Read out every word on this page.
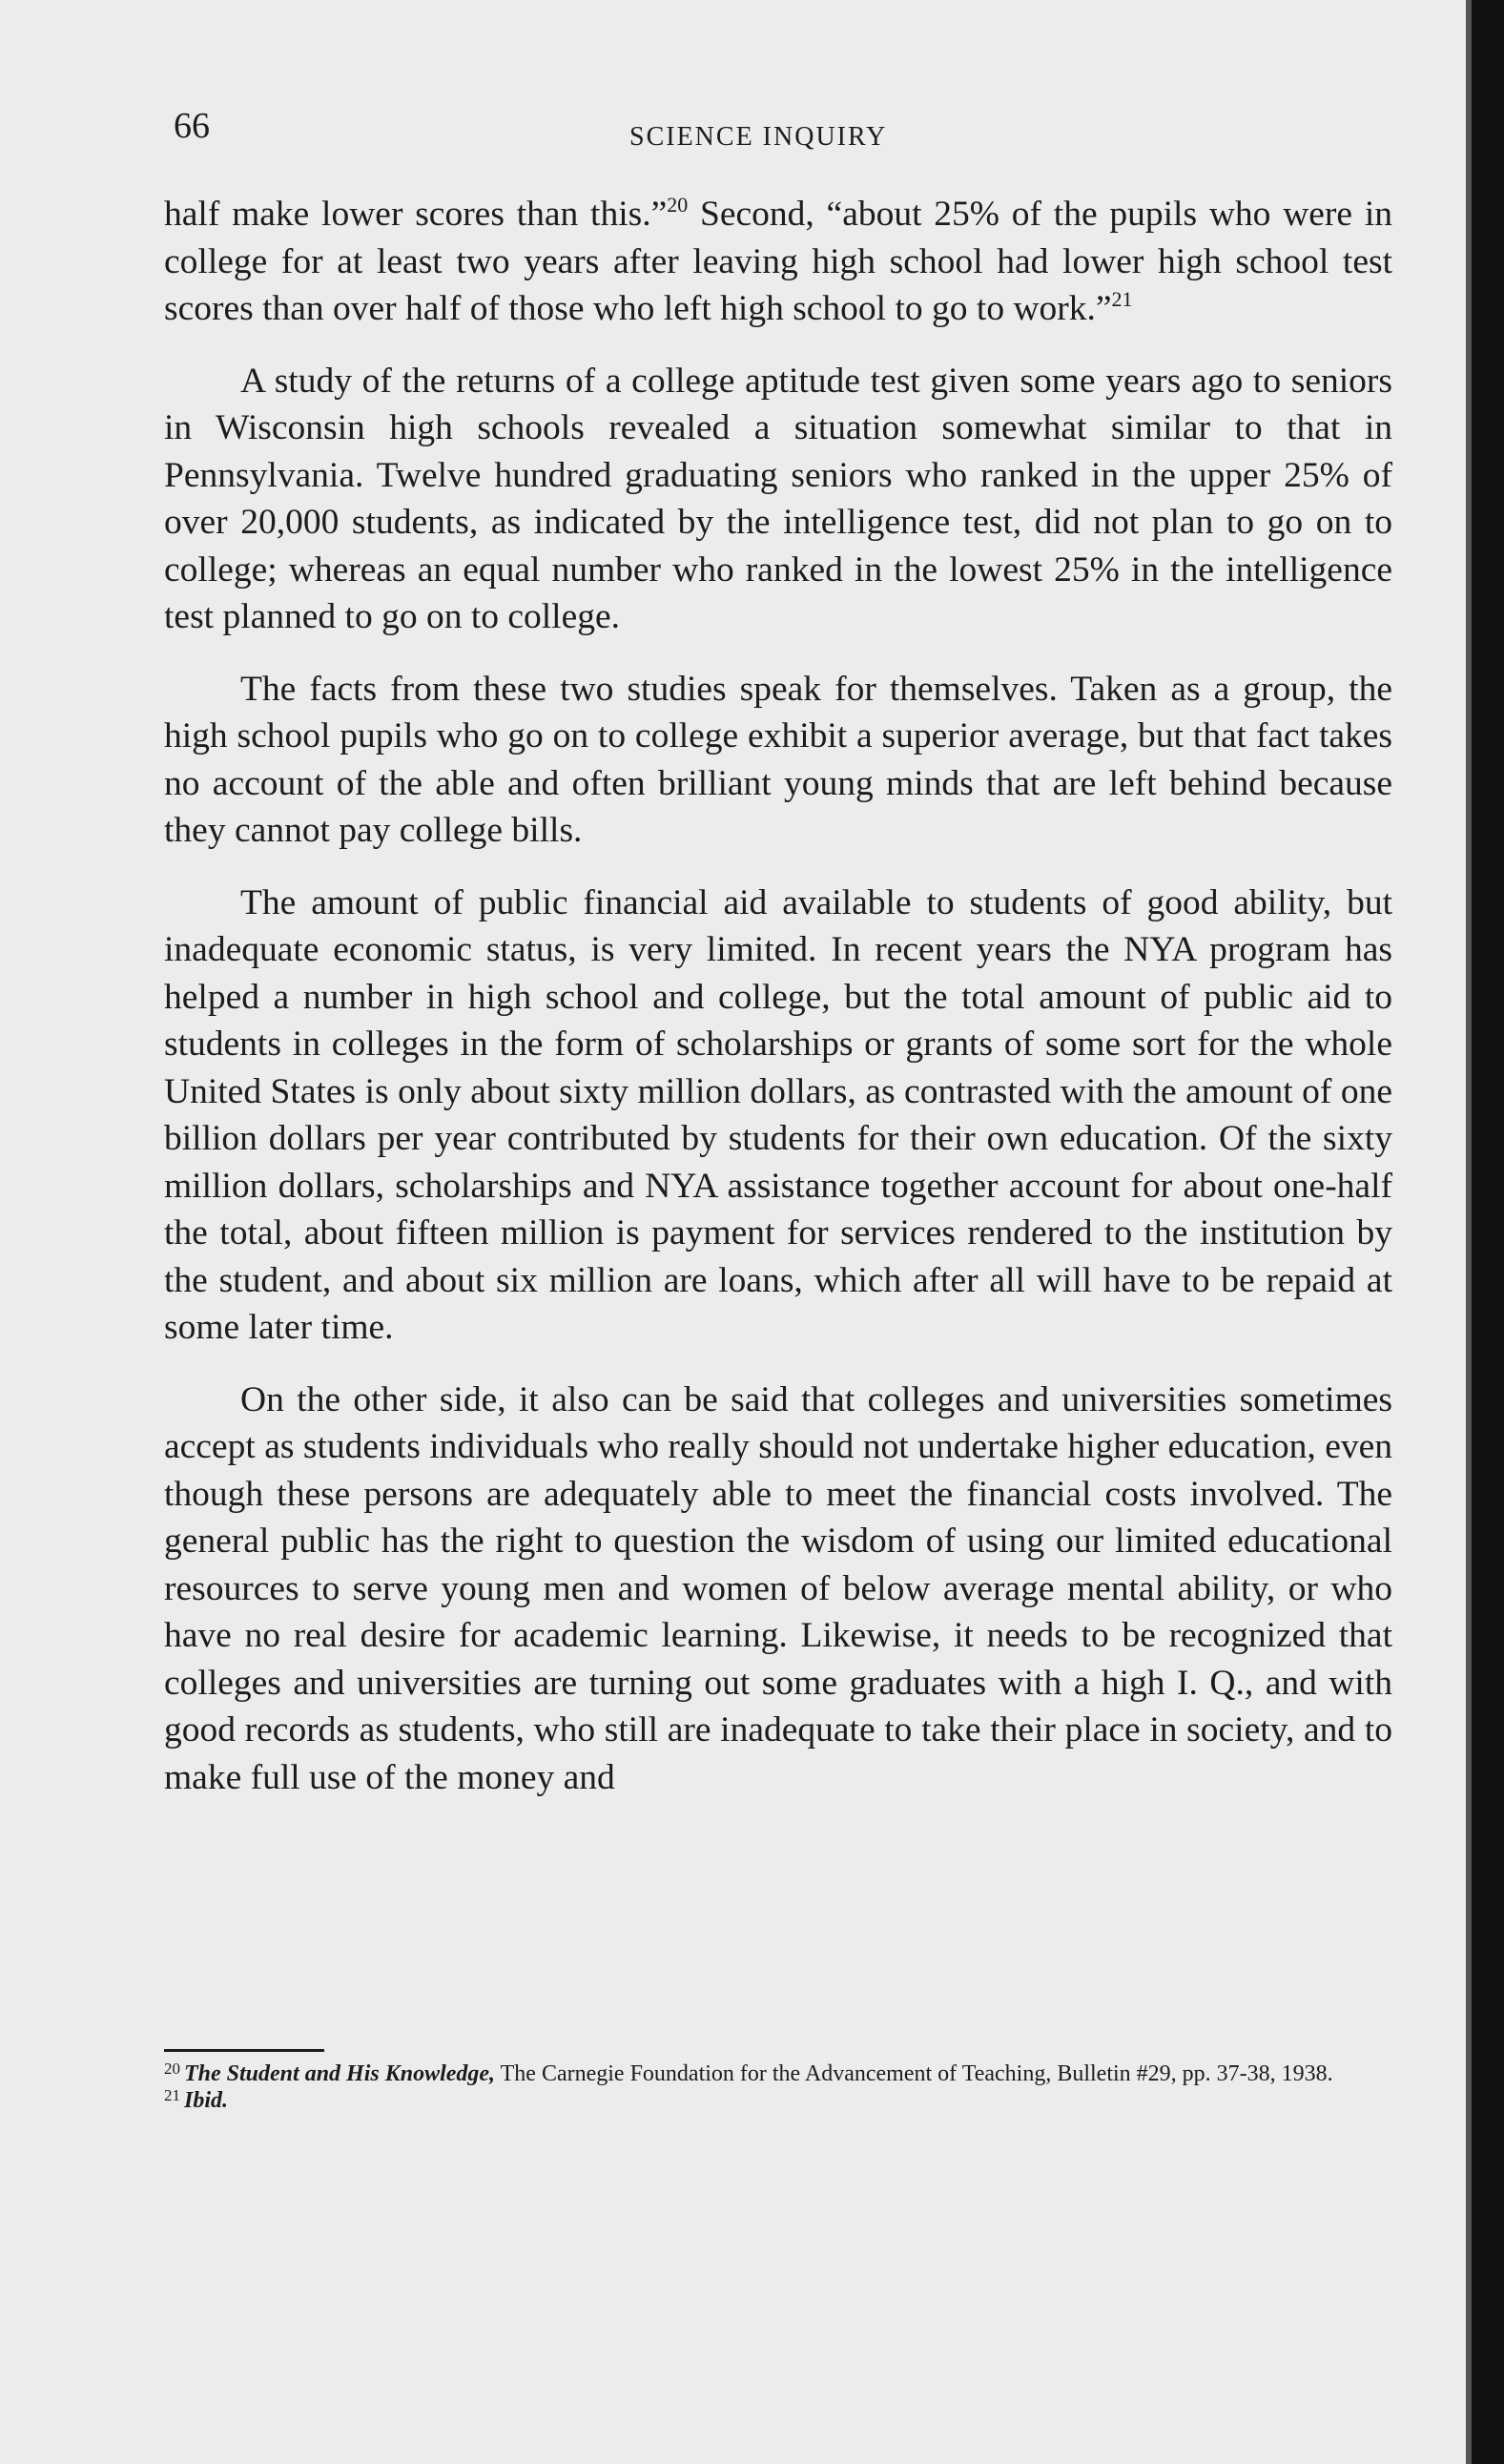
66	SCIENCE INQUIRY

half make lower scores than this.”$^{20}$ Second, “about 25% of the pupils who were in college for at least two years after leaving high school had lower high school test scores than over half of those who left high school to go to work.”$^{21}$

A study of the returns of a college aptitude test given some years ago to seniors in Wisconsin high schools revealed a situation somewhat similar to that in Pennsylvania. Twelve hundred graduating seniors who ranked in the upper 25% of over 20,000 students, as indicated by the intelligence test, did not plan to go on to college; whereas an equal number who ranked in the lowest 25% in the intelligence test planned to go on to college.

The facts from these two studies speak for themselves. Taken as a group, the high school pupils who go on to college exhibit a superior average, but that fact takes no account of the able and often brilliant young minds that are left behind because they cannot pay college bills.

The amount of public financial aid available to students of good ability, but inadequate economic status, is very limited. In recent years the NYA program has helped a number in high school and college, but the total amount of public aid to students in colleges in the form of scholarships or grants of some sort for the whole United States is only about sixty million dollars, as contrasted with the amount of one billion dollars per year contributed by students for their own education. Of the sixty million dollars, scholarships and NYA assistance together account for about one-half the total, about fifteen million is payment for services rendered to the institution by the student, and about six million are loans, which after all will have to be repaid at some later time.

On the other side, it also can be said that colleges and universities sometimes accept as students individuals who really should not undertake higher education, even though these persons are adequately able to meet the financial costs involved. The general public has the right to question the wisdom of using our limited educational resources to serve young men and women of below average mental ability, or who have no real desire for academic learning. Likewise, it needs to be recognized that colleges and universities are turning out some graduates with a high I. Q., and with good records as students, who still are inadequate to take their place in society, and to make full use of the money and

$^{20}$ The Student and His Knowledge, The Carnegie Foundation for the Advancement of Teaching, Bulletin #29, pp. 37-38, 1938.

$^{21}$ Ibid.
